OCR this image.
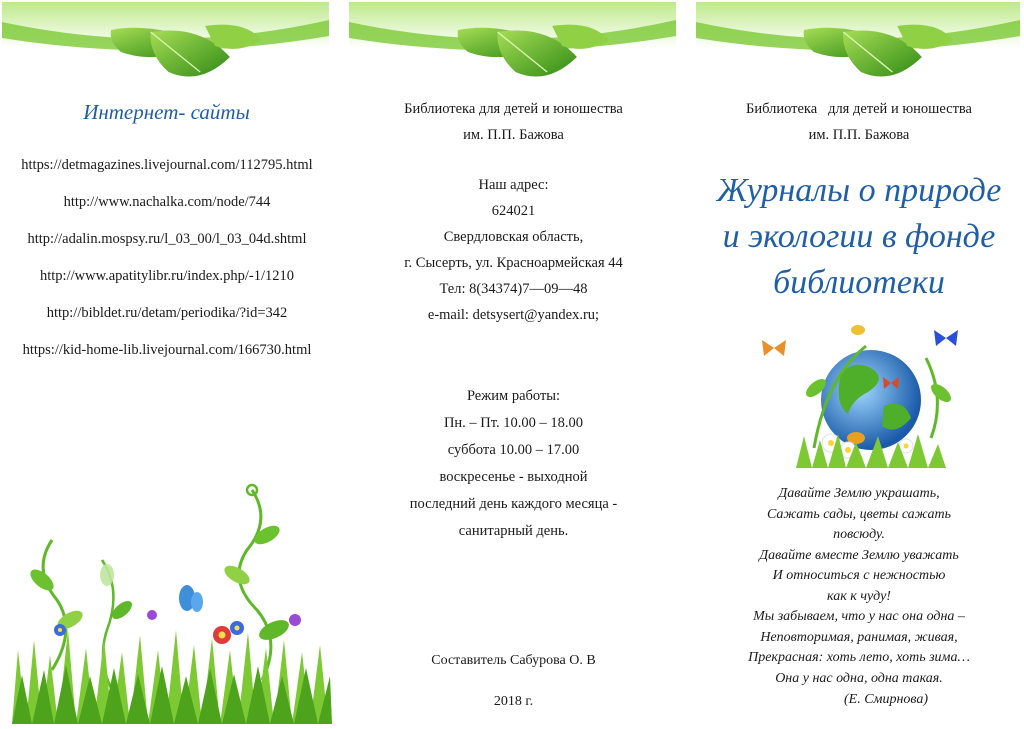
Интернет- сайты
https://detmagazines.livejournal.com/112795.html
http://www.nachalka.com/node/744
http://adalin.mospsy.ru/l_03_00/l_03_04d.shtml
http://www.apatitylibr.ru/index.php/-1/1210
http://bibldet.ru/detam/periodika/?id=342
https://kid-home-lib.livejournal.com/166730.html
Библиотека для детей и юношества
им. П.П. Бажова
Наш адрес:
624021
Свердловская область,
г. Сысерть, ул. Красноармейская 44
Тел: 8(34374)7—09—48
e-mail: detsysert@yandex.ru;
Режим работы:
Пн. – Пт. 10.00 – 18.00
суббота 10.00 – 17.00
воскресенье - выходной
последний день каждого месяца -
санитарный день.
Составитель Сабурова О. В
2018 г.
Библиотека   для детей и юношества
им. П.П. Бажова
Журналы о природе
и экологии в фонде
библиотеки
Давайте Землю украшать,
Сажать сады, цветы сажать
повсюду.
Давайте вместе Землю уважать
И относиться с нежностью
как к чуду!
Мы забываем, что у нас она одна –
Неповторимая, ранимая, живая,
Прекрасная: хоть лето, хоть зима…
Она у нас одна, одна такая.
(Е. Смирнова)
